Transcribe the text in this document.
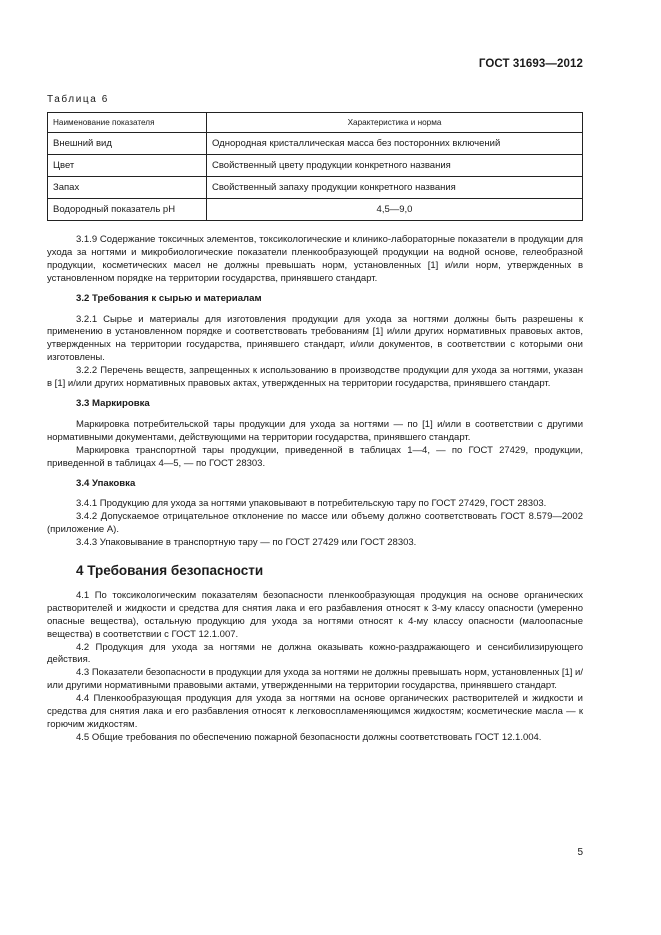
ГОСТ 31693—2012
Таблица 6
Наименование показателя	Характеристика и норма
Внешний вид	Однородная кристаллическая масса без посторонних включений
Цвет	Свойственный цвету продукции конкретного названия
Запах	Свойственный запаху продукции конкретного названия
Водородный показатель рН	4,5—9,0

3.1.9 Содержание токсичных элементов, токсикологические и клинико-лабораторные показатели в продукции для ухода за ногтями и микробиологические показатели пленкообразующей продукции на водной основе, гелеобразной продукции, косметических масел не должны превышать норм, установленных [1] и/или норм, утвержденных в установленном порядке на территории государства, принявшего стандарт.

3.2 Требования к сырью и материалам

3.2.1 Сырье и материалы для изготовления продукции для ухода за ногтями должны быть разрешены к применению в установленном порядке и соответствовать требованиям [1] и/или других нормативных правовых актов, утвержденных на территории государства, принявшего стандарт, и/или документов, в соответствии с которыми они изготовлены.

3.2.2 Перечень веществ, запрещенных к использованию в производстве продукции для ухода за ногтями, указан в [1] и/или других нормативных правовых актах, утвержденных на территории государства, принявшего стандарт.

3.3 Маркировка

Маркировка потребительской тары продукции для ухода за ногтями — по [1] и/или в соответствии с другими нормативными документами, действующими на территории государства, принявшего стандарт.

Маркировка транспортной тары продукции, приведенной в таблицах 1—4, — по ГОСТ 27429, продукции, приведенной в таблицах 4—5, — по ГОСТ 28303.

3.4 Упаковка

3.4.1 Продукцию для ухода за ногтями упаковывают в потребительскую тару по ГОСТ 27429, ГОСТ 28303.

3.4.2 Допускаемое отрицательное отклонение по массе или объему должно соответствовать ГОСТ 8.579—2002 (приложение А).

3.4.3 Упаковывание в транспортную тару — по ГОСТ 27429 или ГОСТ 28303.

4 Требования безопасности

4.1 По токсикологическим показателям безопасности пленкообразующая продукция на основе органических растворителей и жидкости и средства для снятия лака и его разбавления относят к 3-му классу опасности (умеренно опасные вещества), остальную продукцию для ухода за ногтями относят к 4-му классу опасности (малоопасные вещества) в соответствии с ГОСТ 12.1.007.

4.2 Продукция для ухода за ногтями не должна оказывать кожно-раздражающего и сенсибилизирующего действия.

4.3 Показатели безопасности в продукции для ухода за ногтями не должны превышать норм, установленных [1] и/или другими нормативными правовыми актами, утвержденными на территории государства, принявшего стандарт.

4.4 Пленкообразующая продукция для ухода за ногтями на основе органических растворителей и жидкости и средства для снятия лака и его разбавления относят к легковоспламеняющимся жидкостям; косметические масла — к горючим жидкостям.

4.5 Общие требования по обеспечению пожарной безопасности должны соответствовать ГОСТ 12.1.004.

5
